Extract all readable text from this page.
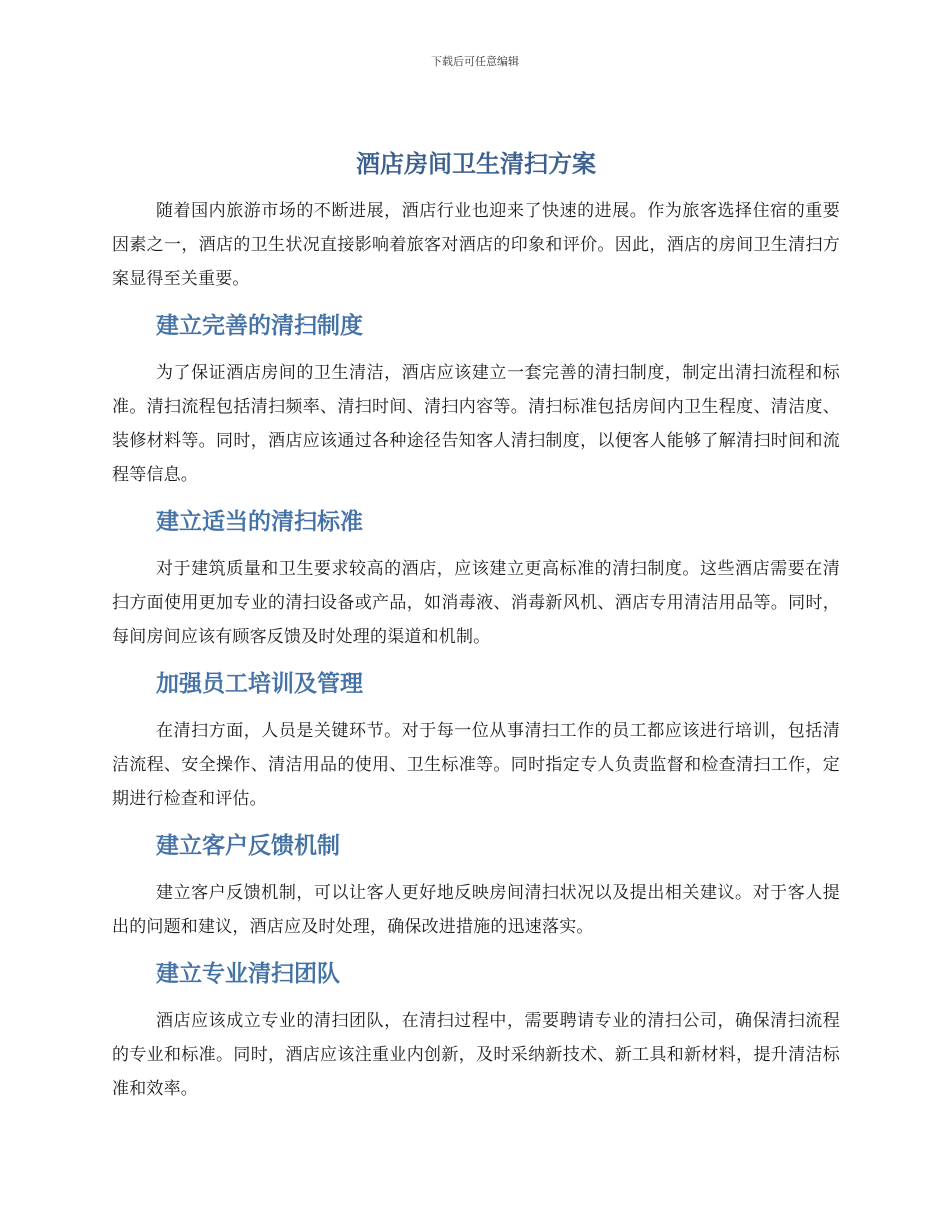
下载后可任意编辑
酒店房间卫生清扫方案

随着国内旅游市场的不断进展，酒店行业也迎来了快速的进展。作为旅客选择住宿的重要因素之一，酒店的卫生状况直接影响着旅客对酒店的印象和评价。因此，酒店的房间卫生清扫方案显得至关重要。

建立完善的清扫制度

为了保证酒店房间的卫生清洁，酒店应该建立一套完善的清扫制度，制定出清扫流程和标准。清扫流程包括清扫频率、清扫时间、清扫内容等。清扫标准包括房间内卫生程度、清洁度、装修材料等。同时，酒店应该通过各种途径告知客人清扫制度，以便客人能够了解清扫时间和流程等信息。

建立适当的清扫标准

对于建筑质量和卫生要求较高的酒店，应该建立更高标准的清扫制度。这些酒店需要在清扫方面使用更加专业的清扫设备或产品，如消毒液、消毒新风机、酒店专用清洁用品等。同时，每间房间应该有顾客反馈及时处理的渠道和机制。

加强员工培训及管理

在清扫方面，人员是关键环节。对于每一位从事清扫工作的员工都应该进行培训，包括清洁流程、安全操作、清洁用品的使用、卫生标准等。同时指定专人负责监督和检查清扫工作，定期进行检查和评估。

建立客户反馈机制

建立客户反馈机制，可以让客人更好地反映房间清扫状况以及提出相关建议。对于客人提出的问题和建议，酒店应及时处理，确保改进措施的迅速落实。

建立专业清扫团队

酒店应该成立专业的清扫团队，在清扫过程中，需要聘请专业的清扫公司，确保清扫流程的专业和标准。同时，酒店应该注重业内创新，及时采纳新技术、新工具和新材料，提升清洁标准和效率。
